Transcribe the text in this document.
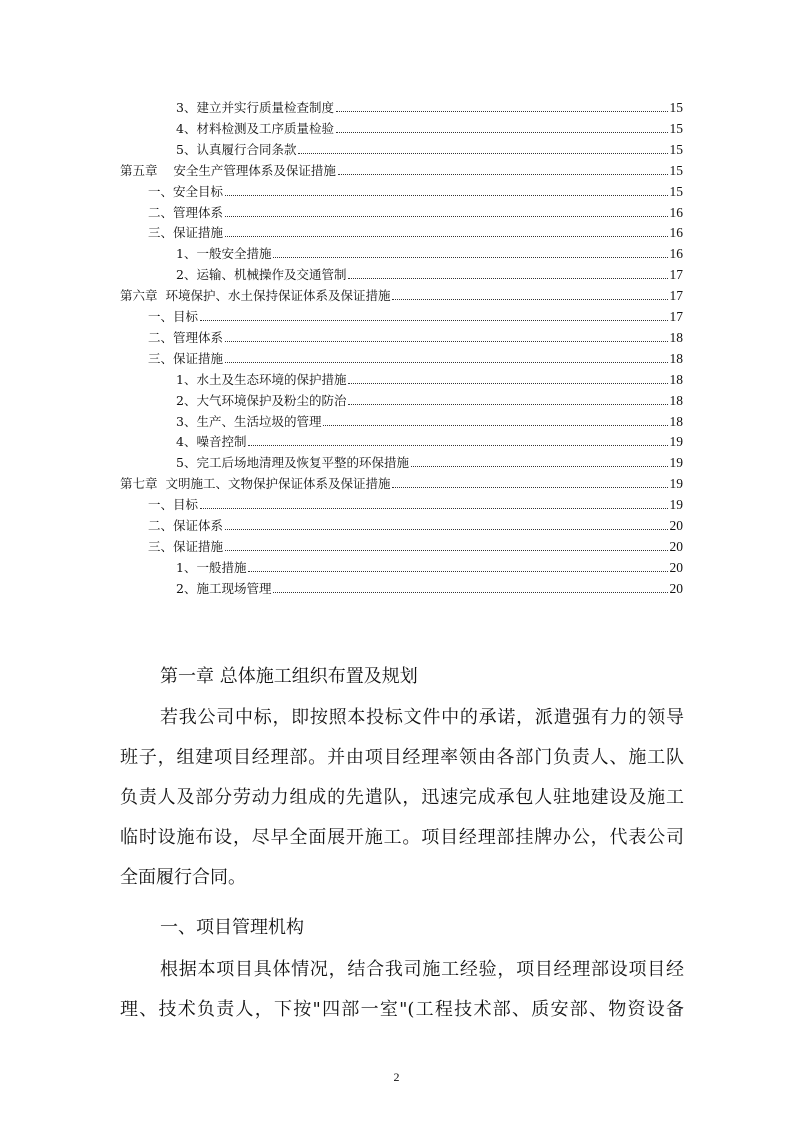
3、建立并实行质量检查制度	15
4、材料检测及工序质量检验	15
5、认真履行合同条款	15
第五章    安全生产管理体系及保证措施	15
一、安全目标	15
二、管理体系	16
三、保证措施	16
1、一般安全措施	16
2、运输、机械操作及交通管制	17
第六章  环境保护、水土保持保证体系及保证措施	17
一、目标	17
二、管理体系	18
三、保证措施	18
1、水土及生态环境的保护措施	18
2、大气环境保护及粉尘的防治	18
3、生产、生活垃圾的管理	18
4、噪音控制	19
5、完工后场地清理及恢复平整的环保措施	19
第七章  文明施工、文物保护保证体系及保证措施	19
一、目标	19
二、保证体系	20
三、保证措施	20
1、一般措施	20
2、施工现场管理	20
第一章 总体施工组织布置及规划
若我公司中标，即按照本投标文件中的承诺，派遣强有力的领导
班子，组建项目经理部。并由项目经理率领由各部门负责人、施工队
负责人及部分劳动力组成的先遣队，迅速完成承包人驻地建设及施工
临时设施布设，尽早全面展开施工。项目经理部挂牌办公，代表公司
全面履行合同。
一、项目管理机构
根据本项目具体情况，结合我司施工经验，项目经理部设项目经
理、技术负责人，下按"四部一室"(工程技术部、质安部、物资设备
2
